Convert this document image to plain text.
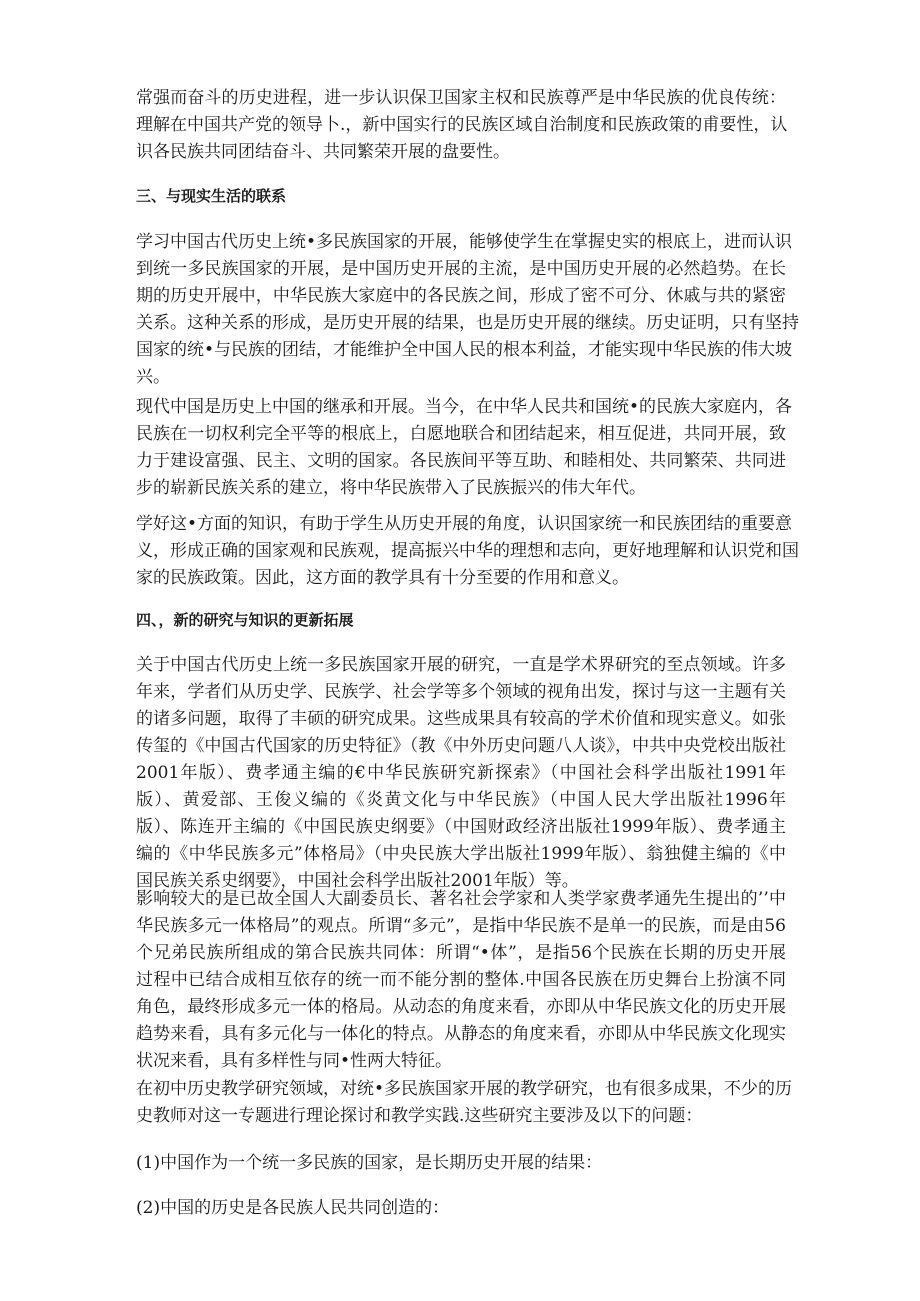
常强而奋斗的历史进程，进一步认识保卫国家主权和民族尊严是中华民族的优良传统：
理解在中国共产党的领导卜.，新中国实行的民族区域自治制度和民族政策的甫要性，认
识各民族共同团结奋斗、共同繁荣开展的盘要性。

三、与现实生活的联系

学习中国古代历史上统•多民族国家的开展，能够使学生在掌握史实的根底上，进而认识
到统一多民族国家的开展，是中国历史开展的主流，是中国历史开展的必然趋势。在长
期的历史开展中，中华民族大家庭中的各民族之间，形成了密不可分、休戚与共的紧密
关系。这种关系的形成，是历史开展的结果，也是历史开展的继续。历史证明，只有坚持
国家的统•与民族的团结，才能维护全中国人民的根本利益，才能实现中华民族的伟大坡
兴。

现代中国是历史上中国的继承和开展。当今，在中华人民共和国统•的民族大家庭内，各
民族在一切权利完全平等的根底上，白愿地联合和团结起来，相互促进，共同开展，致
力于建设富强、民主、文明的国家。各民族间平等互助、和睦相处、共同繁荣、共同进
步的崭新民族关系的建立，将中华民族带入了民族振兴的伟大年代。

学好这•方面的知识，有助于学生从历史开展的角度，认识国家统一和民族团结的重要意
义，形成正确的国家观和民族观，提高振兴中华的理想和志向，更好地理解和认识党和国
家的民族政策。因此，这方面的教学具有十分至要的作用和意义。

四、，新的研究与知识的更新拓展

关于中国古代历史上统一多民族国家开展的研究，一直是学术界研究的至点领域。许多
年来，学者们从历史学、民族学、社会学等多个领域的视角出发，探讨与这一主题有关
的诸多问题，取得了丰硕的研究成果。这些成果具有较高的学术价值和现实意义。如张
传玺的《中国古代国家的历史特征》（教《中外历史问题八人谈》，中共中央党校出版社
2001年版）、费孝通主编的€中华民族研究新探索》（中国社会科学出版社1991年
版）、黄爱部、王俊义编的《炎黄文化与中华民族》（中国人民大学出版社1996年
版）、陈连开主编的《中国民族史纲要》（中国财政经济出版社1999年版）、费孝通主
编的《中华民族多元”体格局》（中央民族大学出版社1999年版）、翁独健主编的《中
国民族关系史纲要》，中国社会科学出版社2001年版）等。

影响较大的是已故全国人大副委员长、著名社会学家和人类学家费孝通先生提出的’’中
华民族多元一体格局”的观点。所谓“多元”，是指中华民族不是单一的民族，而是由56
个兄弟民族所组成的第合民族共同体：所谓“•体”，是指56个民族在长期的历史开展
过程中已结合成相互依存的统一而不能分割的整体.中国各民族在历史舞台上扮演不同
角色，最终形成多元一体的格局。从动态的角度来看，亦即从中华民族文化的历史开展
趋势来看，具有多元化与一体化的特点。从静态的角度来看，亦即从中华民族文化现实
状况来看，具有多样性与同•性两大特征。

在初中历史教学研究领域，对统•多民族国家开展的教学研究，也有很多成果，不少的历
史教师对这一专题进行理论探讨和教学实践.这些研究主要涉及以下的问题：

(1)中国作为一个统一多民族的国家，是长期历史开展的结果：

(2)中国的历史是各民族人民共同创造的：
